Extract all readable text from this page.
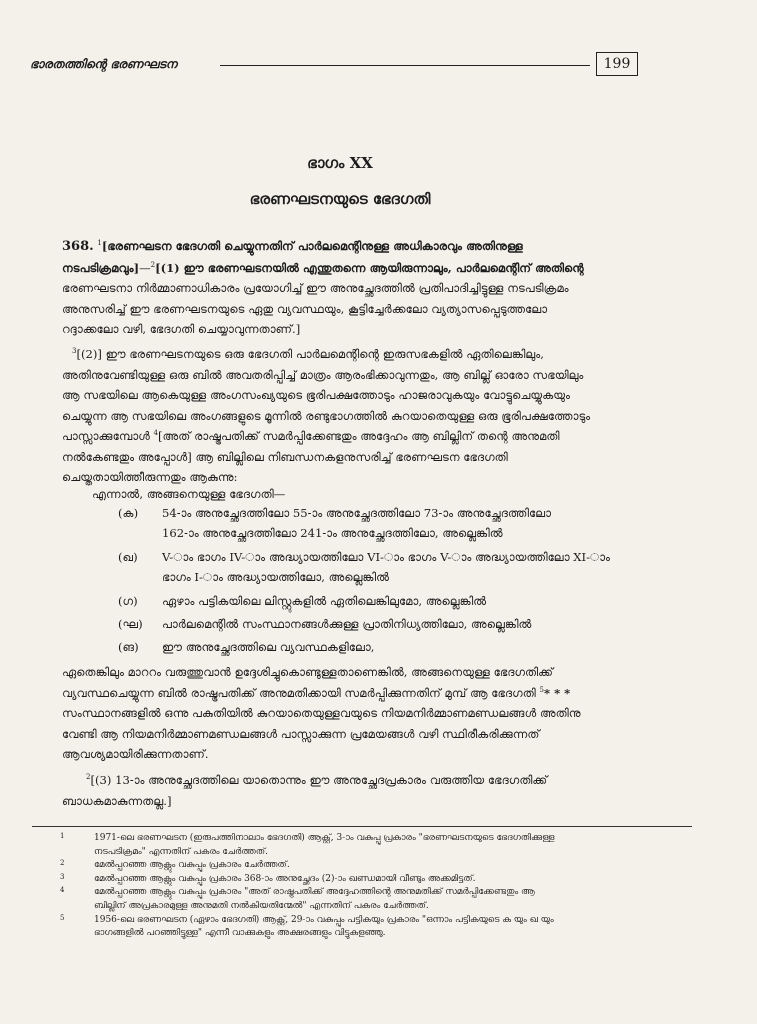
ഭാരതത്തിന്റെ ഭരണഘടന	199
ഭാഗം XX
ഭരണഘടനയുടെ ഭേദഗതി
368. $^1$[ഭരണഘടന ഭേദഗതി ചെയ്യുന്നതിന് പാർലമെന്റിനുള്ള അധികാരവും അതിനുള്ള
നടപടിക്രമവും]—$^2$[(1) ഈ ഭരണഘടനയിൽ എന്തുതന്നെ ആയിരുന്നാലും, പാർലമെന്റിന് അതിന്റെ
ഭരണഘടനാ നിർമ്മാണാധികാരം പ്രയോഗിച്ച് ഈ അനുച്ഛേദത്തിൽ പ്രതിപാദിച്ചിട്ടുള്ള നടപടിക്രമം
അനുസരിച്ച് ഈ ഭരണഘടനയുടെ ഏതു വ്യവസ്ഥയും, കൂട്ടിച്ചേർക്കലോ വ്യത്യാസപ്പെടുത്തലോ
റദ്ദാക്കലോ വഴി, ഭേദഗതി ചെയ്യാവുന്നതാണ്.]
$^3$[(2)] ഈ ഭരണഘടനയുടെ ഒരു ഭേദഗതി പാർലമെന്റിന്റെ ഇരുസഭകളിൽ ഏതിലെങ്കിലും,
അതിനുവേണ്ടിയുള്ള ഒരു ബിൽ അവതരിപ്പിച്ച് മാത്രം ആരംഭിക്കാവുന്നതും, ആ ബില്ല് ഓരോ സഭയിലും
ആ സഭയിലെ ആകെയുള്ള അംഗസംഖ്യയുടെ ഭൂരിപക്ഷത്തോടും ഹാജരാവുകയും വോട്ടുചെയ്യുകയും
ചെയ്യുന്ന ആ സഭയിലെ അംഗങ്ങളുടെ മൂന്നിൽ രണ്ടുഭാഗത്തിൽ കുറയാതെയുള്ള ഒരു ഭൂരിപക്ഷത്തോടും
പാസ്സാക്കുമ്പോൾ $^4$[അത് രാഷ്ട്രപതിക്ക് സമർപ്പിക്കേണ്ടതും അദ്ദേഹം ആ ബില്ലിന് തന്റെ അനുമതി
നൽകേണ്ടതും അപ്പോൾ] ആ ബില്ലിലെ നിബന്ധനകളനുസരിച്ച് ഭരണഘടന ഭേദഗതി
ചെയ്തതായിത്തീരുന്നതും ആകുന്നു:
എന്നാൽ, അങ്ങനെയുള്ള ഭേദഗതി—
(ക) 54-ാം അനുച്ഛേദത്തിലോ 55-ാം അനുച്ഛേദത്തിലോ 73-ാം അനുച്ഛേദത്തിലോ
162-ാം അനുച്ഛേദത്തിലോ 241-ാം അനുച്ഛേദത്തിലോ, അല്ലെങ്കിൽ
(ഖ) V-ാം ഭാഗം IV-ാം അദ്ധ്യായത്തിലോ VI-ാം ഭാഗം V-ാം അദ്ധ്യായത്തിലോ XI-ാം
ഭാഗം I-ാം അദ്ധ്യായത്തിലോ, അല്ലെങ്കിൽ
(ഗ) ഏഴാം പട്ടികയിലെ ലിസ്റ്റുകളിൽ ഏതിലെങ്കിലുമോ, അല്ലെങ്കിൽ
(ഘ) പാർലമെന്റിൽ സംസ്ഥാനങ്ങൾക്കുള്ള പ്രാതിനിധ്യത്തിലോ, അല്ലെങ്കിൽ
(ങ) ഈ അനുച്ഛേദത്തിലെ വ്യവസ്ഥകളിലോ,
ഏതെങ്കിലും മാററം വരുത്തുവാൻ ഉദ്ദേശിച്ചുകൊണ്ടുള്ളതാണെങ്കിൽ, അങ്ങനെയുള്ള ഭേദഗതിക്ക്
വ്യവസ്ഥചെയ്യുന്ന ബിൽ രാഷ്ട്രപതിക്ക് അനുമതിക്കായി സമർപ്പിക്കുന്നതിന് മുമ്പ് ആ ഭേദഗതി $^5$* * *
സംസ്ഥാനങ്ങളിൽ ഒന്നു പകുതിയിൽ കുറയാതെയുള്ളവയുടെ നിയമനിർമ്മാണമണ്ഡലങ്ങൾ അതിനു
വേണ്ടി ആ നിയമനിർമ്മാണമണ്ഡലങ്ങൾ പാസ്സാക്കുന്ന പ്രമേയങ്ങൾ വഴി സ്ഥിരീകരിക്കുന്നത്
ആവശ്യമായിരിക്കുന്നതാണ്.
$^2$[(3) 13-ാം അനുച്ഛേദത്തിലെ യാതൊന്നും ഈ അനുച്ഛേദപ്രകാരം വരുത്തിയ ഭേദഗതിക്ക്
ബാധകമാകുന്നതല്ല.]
1	1971-ലെ ഭരണഘടന (ഇരുപത്തിനാലാം ഭേദഗതി) ആക്റ്റ്, 3-ാം വകുപ്പു പ്രകാരം "ഭരണഘടനയുടെ ഭേദഗതിക്കുള്ള
നടപടിക്രമം" എന്നതിന് പകരം ചേർത്തത്.
2	മേൽപ്പറഞ്ഞ ആക്റ്റും വകുപ്പും പ്രകാരം ചേർത്തത്.
3	മേൽപ്പറഞ്ഞ ആക്റ്റും വകുപ്പും പ്രകാരം 368-ാം അനുച്ഛേദം (2)-ാം ഖണ്ഡമായി വീണ്ടും അക്കമിട്ടത്.
4	മേൽപ്പറഞ്ഞ ആക്റ്റും വകുപ്പും പ്രകാരം "അത് രാഷ്ട്രപതിക്ക് അദ്ദേഹത്തിന്റെ അനുമതിക്ക് സമർപ്പിക്കേണ്ടതും ആ
ബില്ലിന് അപ്രകാരമുള്ള അനുമതി നൽകിയതിന്മേൽ" എന്നതിന് പകരം ചേർത്തത്.
5	1956-ലെ ഭരണഘടന (ഏഴാം ഭേദഗതി) ആക്റ്റ്, 29-ാം വകുപ്പും പട്ടികയും പ്രകാരം "ഒന്നാം പട്ടികയുടെ ക യും ഖ യും
ഭാഗങ്ങളിൽ പറഞ്ഞിട്ടുള്ള" എന്നീ വാക്കുകളും അക്ഷരങ്ങളും വിട്ടുകളഞ്ഞു.
